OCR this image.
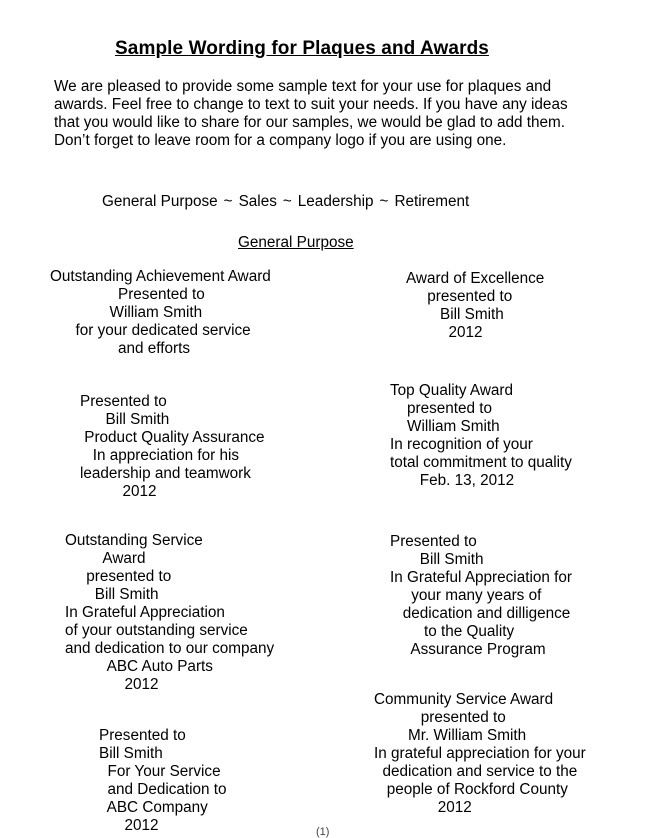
Sample Wording for Plaques and Awards

We are pleased to provide some sample text for your use for plaques and awards. Feel free to change to text to suit your needs. If you have any ideas that you would like to share for our samples, we would be glad to add them. Don’t forget to leave room for a company logo if you are using one.

General Purpose ~ Sales ~ Leadership ~ Retirement
General Purpose
Outstanding Achievement Award
Presented to
William Smith
for your dedicated service
and efforts
Award of Excellence
presented to
Bill Smith
2012
Presented to
Bill Smith
Product Quality Assurance
In appreciation for his
leadership and teamwork
2012
Top Quality Award
presented to
William Smith
In recognition of your
total commitment to quality
Feb. 13, 2012
Outstanding Service
Award
presented to
Bill Smith
In Grateful Appreciation
of your outstanding service
and dedication to our company
ABC Auto Parts
2012
Presented to
Bill Smith
In Grateful Appreciation for
your many years of
dedication and dilligence
to the Quality
Assurance Program
Presented to
Bill Smith
For Your Service
and Dedication to
ABC Company
2012
Community Service Award
presented to
Mr. William Smith
In grateful appreciation for your
dedication and service to the
people of Rockford County
2012
(1)
